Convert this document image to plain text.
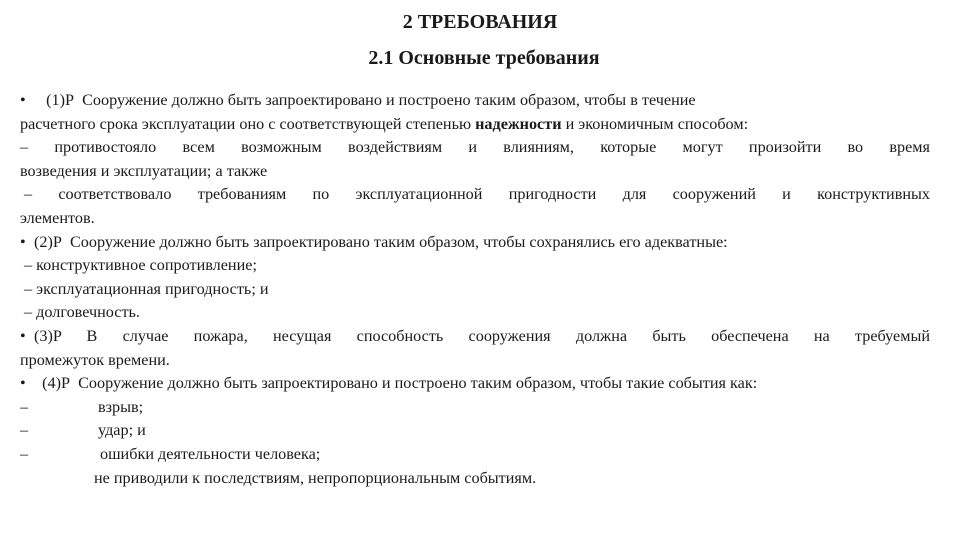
2 ТРЕБОВАНИЯ
2.1 Основные требования

• (1)P Сооружение должно быть запроектировано и построено таким образом, чтобы в течение

расчетного срока эксплуатации оно с соответствующей степенью надежности и экономичным способом:

– противостояло всем возможным воздействиям и влияниям, которые могут произойти во время

возведения и эксплуатации; а также

– соответствовало требованиям по эксплуатационной пригодности для сооружений и конструктивных

элементов.

• (2)P Сооружение должно быть запроектировано таким образом, чтобы сохранялись его адекватные:

– конструктивное сопротивление;

– эксплуатационная пригодность; и

– долговечность.

• (3)P В случае пожара, несущая способность сооружения должна быть обеспечена на требуемый

промежуток времени.

• (4)P Сооружение должно быть запроектировано и построено таким образом, чтобы такие события как:

–	взрыв;
–	удар; и
–	ошибки деятельности человека;

не приводили к последствиям, непропорциональным событиям.
